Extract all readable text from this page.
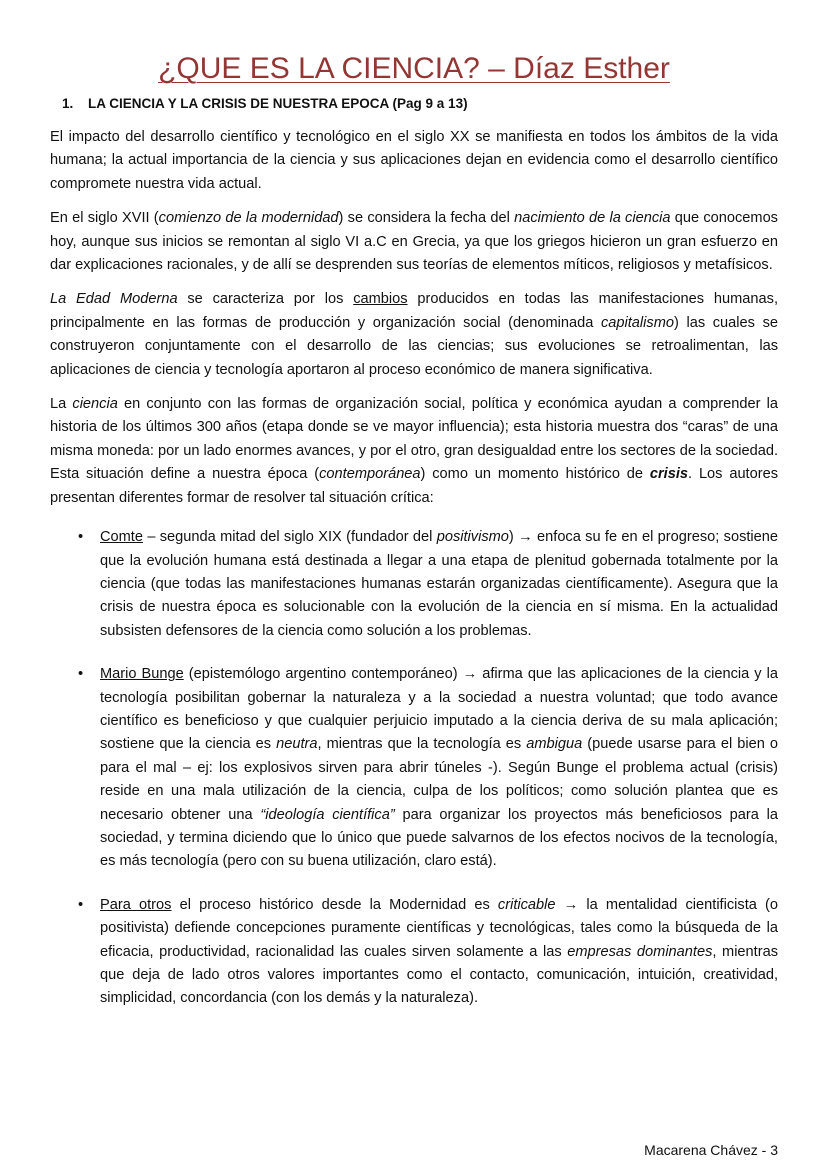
¿QUE ES LA CIENCIA? – Díaz Esther
1. LA CIENCIA Y LA CRISIS DE NUESTRA EPOCA (Pag 9 a 13)

El impacto del desarrollo científico y tecnológico en el siglo XX se manifiesta en todos los ámbitos de la vida humana; la actual importancia de la ciencia y sus aplicaciones dejan en evidencia como el desarrollo científico compromete nuestra vida actual.

En el siglo XVII (comienzo de la modernidad) se considera la fecha del nacimiento de la ciencia que conocemos hoy, aunque sus inicios se remontan al siglo VI a.C en Grecia, ya que los griegos hicieron un gran esfuerzo en dar explicaciones racionales, y de allí se desprenden sus teorías de elementos míticos, religiosos y metafísicos.

La Edad Moderna se caracteriza por los cambios producidos en todas las manifestaciones humanas, principalmente en las formas de producción y organización social (denominada capitalismo) las cuales se construyeron conjuntamente con el desarrollo de las ciencias; sus evoluciones se retroalimentan, las aplicaciones de ciencia y tecnología aportaron al proceso económico de manera significativa.

La ciencia en conjunto con las formas de organización social, política y económica ayudan a comprender la historia de los últimos 300 años (etapa donde se ve mayor influencia); esta historia muestra dos “caras” de una misma moneda: por un lado enormes avances, y por el otro, gran desigualdad entre los sectores de la sociedad. Esta situación define a nuestra época (contemporánea) como un momento histórico de crisis. Los autores presentan diferentes formar de resolver tal situación crítica:

• Comte – segunda mitad del siglo XIX (fundador del positivismo) → enfoca su fe en el progreso; sostiene que la evolución humana está destinada a llegar a una etapa de plenitud gobernada totalmente por la ciencia (que todas las manifestaciones humanas estarán organizadas científicamente). Asegura que la crisis de nuestra época es solucionable con la evolución de la ciencia en sí misma. En la actualidad subsisten defensores de la ciencia como solución a los problemas.
• Mario Bunge (epistemólogo argentino contemporáneo) → afirma que las aplicaciones de la ciencia y la tecnología posibilitan gobernar la naturaleza y a la sociedad a nuestra voluntad; que todo avance científico es beneficioso y que cualquier perjuicio imputado a la ciencia deriva de su mala aplicación; sostiene que la ciencia es neutra, mientras que la tecnología es ambigua (puede usarse para el bien o para el mal – ej: los explosivos sirven para abrir túneles -). Según Bunge el problema actual (crisis) reside en una mala utilización de la ciencia, culpa de los políticos; como solución plantea que es necesario obtener una “ideología científica” para organizar los proyectos más beneficiosos para la sociedad, y termina diciendo que lo único que puede salvarnos de los efectos nocivos de la tecnología, es más tecnología (pero con su buena utilización, claro está).
• Para otros el proceso histórico desde la Modernidad es criticable → la mentalidad cientificista (o positivista) defiende concepciones puramente científicas y tecnológicas, tales como la búsqueda de la eficacia, productividad, racionalidad las cuales sirven solamente a las empresas dominantes, mientras que deja de lado otros valores importantes como el contacto, comunicación, intuición, creatividad, simplicidad, concordancia (con los demás y la naturaleza).
Macarena Chávez - 3
